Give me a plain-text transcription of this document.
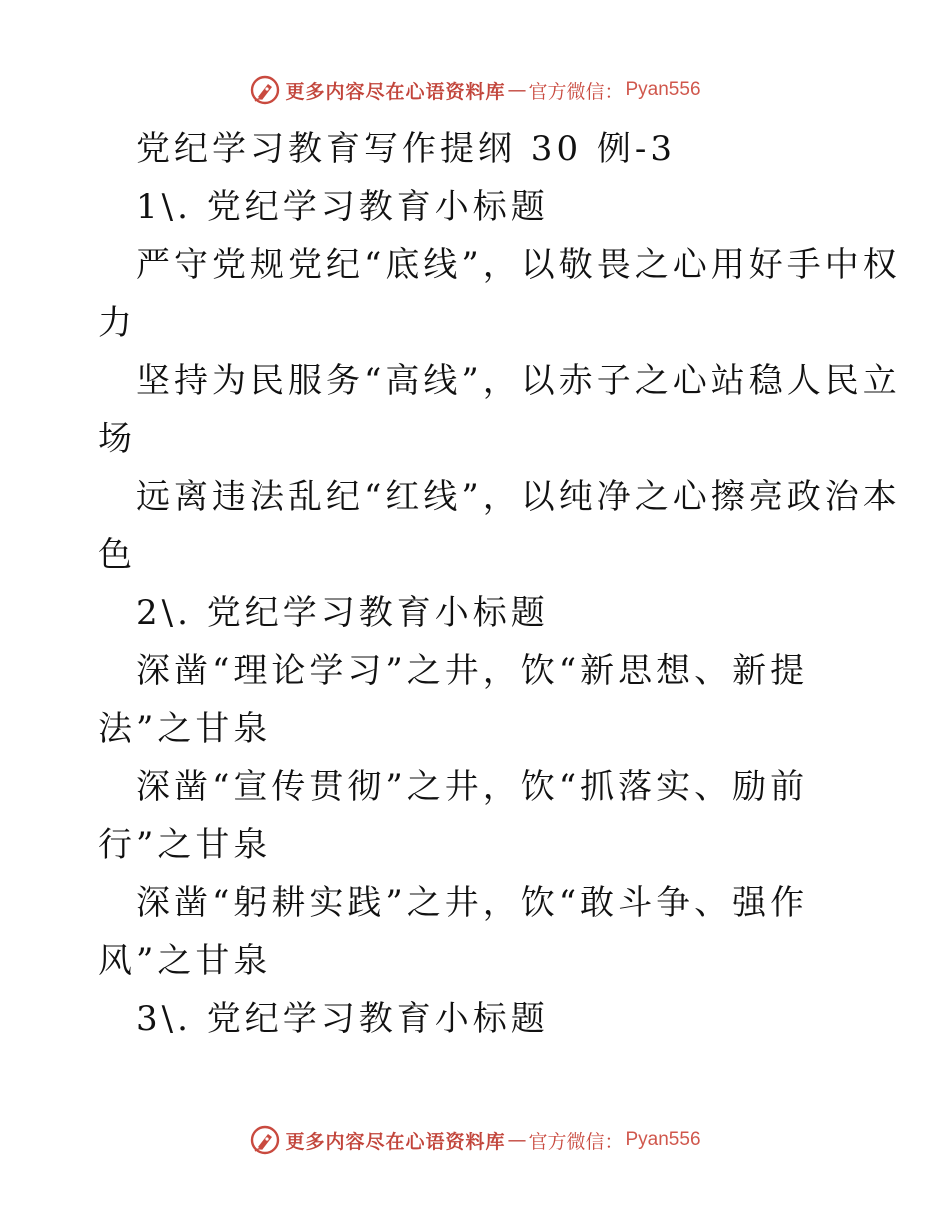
更多内容尽在心语资料库 — 官方微信： Pyan556
党纪学习教育写作提纲 30 例-3
1\. 党纪学习教育小标题
严守党规党纪“底线”，以敬畏之心用好手中权
力
坚持为民服务“高线”，以赤子之心站稳人民立
场
远离违法乱纪“红线”，以纯净之心擦亮政治本
色
2\. 党纪学习教育小标题
深凿“理论学习”之井，饮“新思想、新提
法”之甘泉
深凿“宣传贯彻”之井，饮“抓落实、励前
行”之甘泉
深凿“躬耕实践”之井，饮“敢斗争、强作
风”之甘泉
3\. 党纪学习教育小标题
更多内容尽在心语资料库 — 官方微信： Pyan556
